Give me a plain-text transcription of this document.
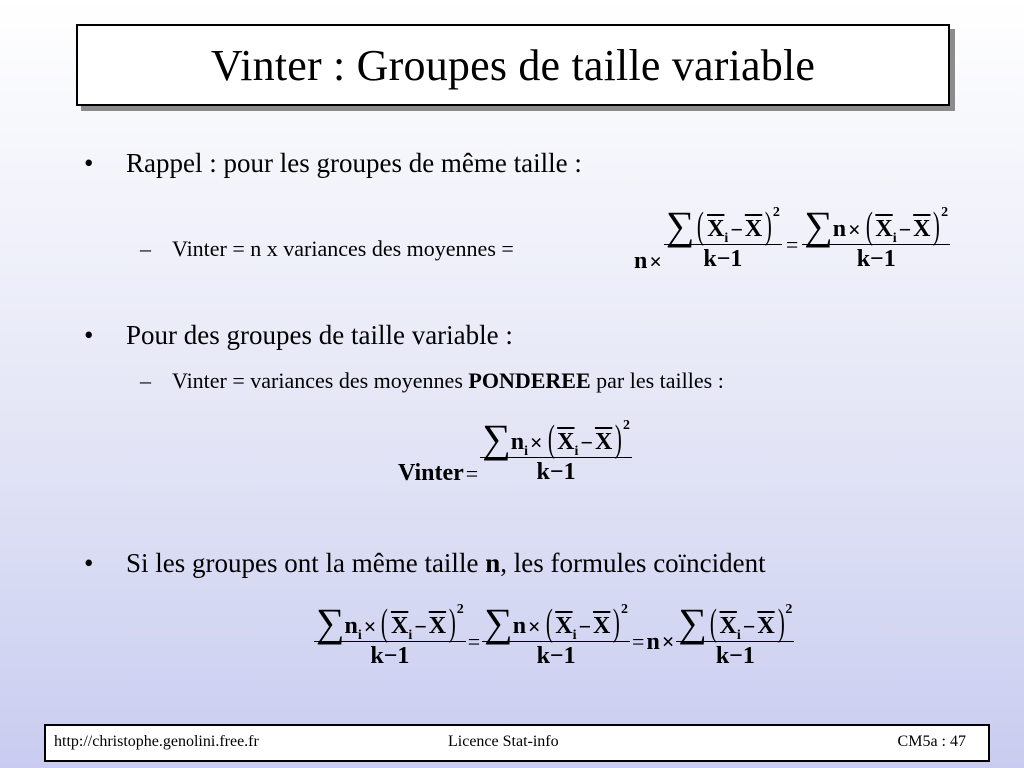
Vinter : Groupes de taille variable
•	Rappel : pour les groupes de même taille :
– Vinter = n x variances des moyennes =	$n \times \frac{\sum ( \overline{X} i - \overline{X} ) 2}{k-1} = \frac{\sum n \times ( \overline{X} i - \overline{X} ) 2}{k-1}$
•	Pour des groupes de taille variable :
– Vinter = variances des moyennes PONDEREE par les tailles :
Vinter = $\frac{\sum n i \times ( \overline{X} i - \overline{X} ) 2}{k-1}$
•	Si les groupes ont la même taille n , les formules coïncident
$\frac{\sum n i \times ( \overline{X} i - \overline{X} ) 2}{k-1} = \frac{\sum n \times ( \overline{X} i - \overline{X} ) 2}{k-1} = n \times \frac{\sum ( \overline{X} i - \overline{X} ) 2}{k-1}$
http://christophe.genolini.free.fr	Licence Stat-info	CM5a : 47
